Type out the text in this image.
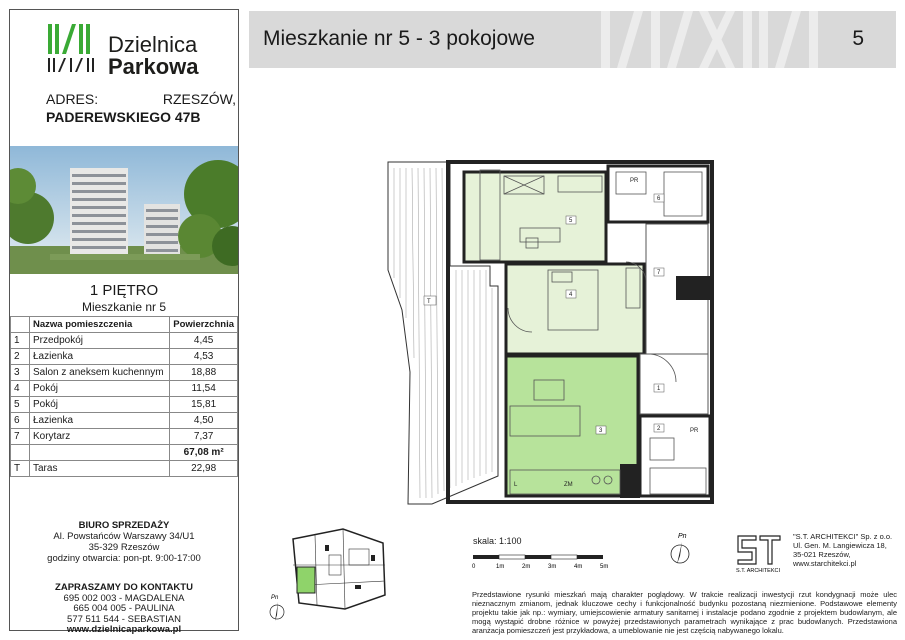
Dzielnica
Parkowa
ADRES:	RZESZÓW,
PADEREWSKIEGO 47B
1 PIĘTRO
Mieszkanie nr 5
	Nazwa pomieszczenia	Powierzchnia
1	Przedpokój	4,45
2	Łazienka	4,53
3	Salon z aneksem kuchennym	18,88
4	Pokój	11,54
5	Pokój	15,81
6	Łazienka	4,50
7	Korytarz	7,37
		67,08 m²
T	Taras	22,98
BIURO SPRZEDAŻY
Al. Powstańców Warszawy 34/U1
35-329 Rzeszów
godziny otwarcia: pon-pt. 9:00-17:00
ZAPRASZAMY DO KONTAKTU
695 002 003 - MAGDALENA
665 004 005 - PAULINA
577 511 544 - SEBASTIAN
www.dzielnicaparkowa.pl
Mieszkanie nr 5 - 3 pokojowe	5
T
5
4
3
7
1
2
6
PR
PR
L	ZM
skala: 1:100
0	1m	2m	3m	4m	5m
Pn
S.T. ARCHITEKCI
"S.T. ARCHITEKCI" Sp. z o.o.
Ul. Gen. M. Langiewicza 18,
35-021 Rzeszów,
www.starchitekci.pl
Przedstawione rysunki mieszkań mają charakter poglądowy. W trakcie realizacji inwestycji rzut kondygnacji może ulec nieznacznym zmianom, jednak kluczowe cechy i funkcjonalność budynku pozostaną niezmienione. Podstawowe elementy projektu takie jak np.: wymiary, umiejscowienie armatury sanitarnej i instalacje podano zgodnie z projektem budowlanym, ale mogą wystąpić drobne różnice w powyżej przedstawionych parametrach wynikające z prac budowlanych. Przedstawiona aranżacja pomieszczeń jest przykładowa, a umeblowanie nie jest częścią nabywanego lokalu.
Pn
